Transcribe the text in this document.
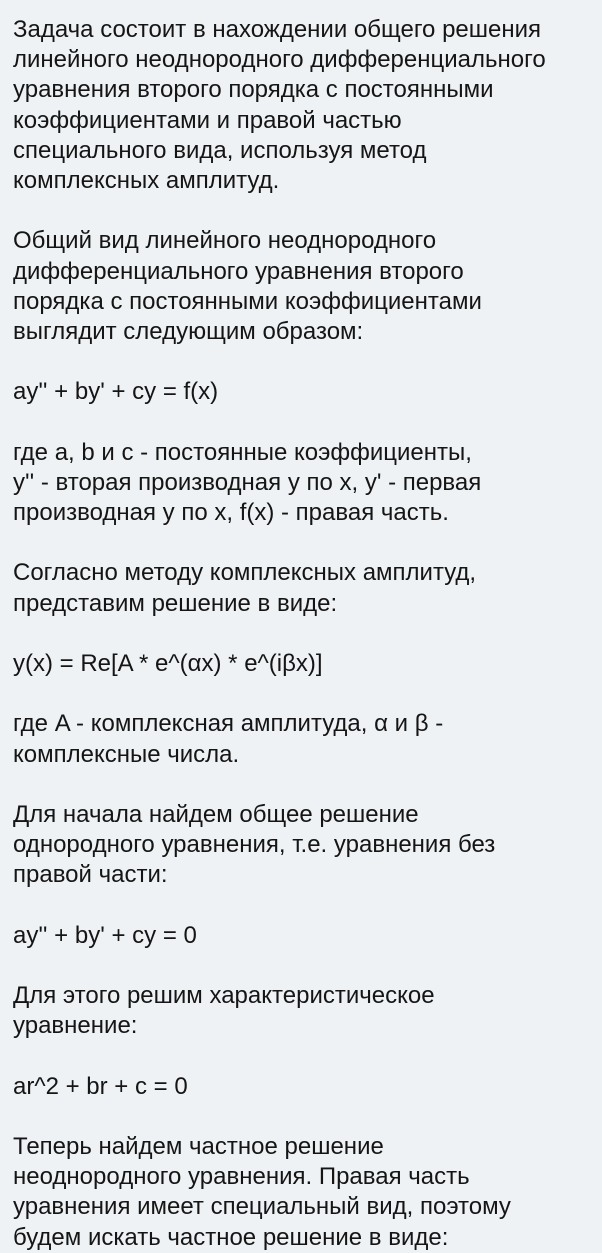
Задача состоит в нахождении общего решения
линейного неоднородного дифференциального
уравнения второго порядка с постоянными
коэффициентами и правой частью
специального вида, используя метод
комплексных амплитуд.
Общий вид линейного неоднородного
дифференциального уравнения второго
порядка с постоянными коэффициентами
выглядит следующим образом:
ay'' + by' + cy = f(x)
где a, b и c - постоянные коэффициенты,
y'' - вторая производная y по x, y' - первая
производная y по x, f(x) - правая часть.
Согласно методу комплексных амплитуд,
представим решение в виде:
y(x) = Re[A * e^(αx) * e^(iβx)]
где A - комплексная амплитуда, α и β -
комплексные числа.
Для начала найдем общее решение
однородного уравнения, т.е. уравнения без
правой части:
ay'' + by' + cy = 0
Для этого решим характеристическое
уравнение:
ar^2 + br + c = 0
Теперь найдем частное решение
неоднородного уравнения. Правая часть
уравнения имеет специальный вид, поэтому
будем искать частное решение в виде:
